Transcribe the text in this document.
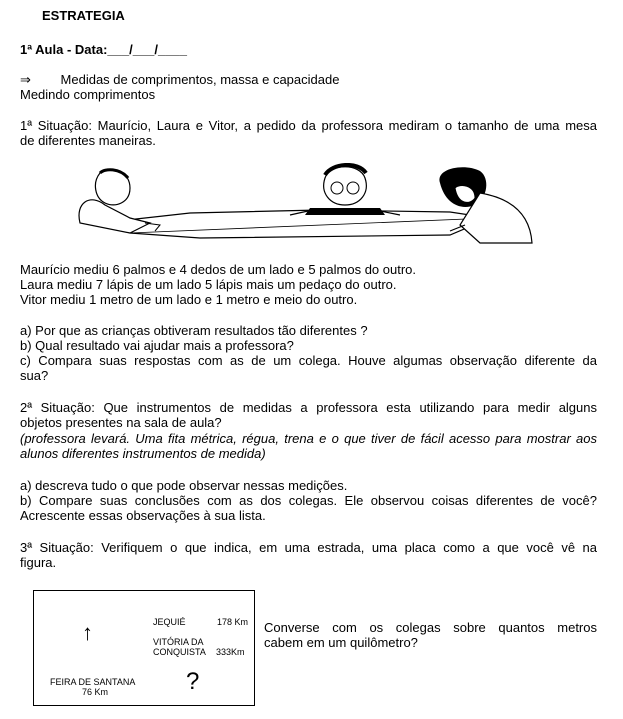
ESTRATEGIA
1ª Aula - Data:___/___/____
⇒ Medidas de comprimentos, massa e capacidade
Medindo comprimentos
1ª Situação: Maurício, Laura e Vitor, a pedido da professora mediram o tamanho de uma mesa
de diferentes maneiras.
Maurício mediu 6 palmos e 4 dedos de um lado e 5 palmos do outro.
Laura mediu 7 lápis de um lado 5 lápis mais um pedaço do outro.
Vitor mediu 1 metro de um lado e 1 metro e meio do outro.
a) Por que as crianças obtiveram resultados tão diferentes ?
b) Qual resultado vai ajudar mais a professora?
c) Compara suas respostas com as de um colega. Houve algumas observação diferente da
sua?
2ª Situação: Que instrumentos de medidas a professora esta utilizando para medir alguns
objetos presentes na sala de aula?
(professora levará. Uma fita métrica, régua, trena e o que tiver de fácil acesso para mostrar aos
alunos diferentes instrumentos de medida)
a) descreva tudo o que pode observar nessas medições.
b) Compare suas conclusões com as dos colegas. Ele observou coisas diferentes de você?
Acrescente essas observações à sua lista.
3ª Situação: Verifiquem o que indica, em uma estrada, uma placa como a que você vê na
figura.
JEQUIÉ	178 Km
↑	VITÓRIA DA
CONQUISTA 333Km
FEIRA DE SANTANA
76 Km	?
Converse com os colegas sobre quantos metros
cabem em um quilômetro?
